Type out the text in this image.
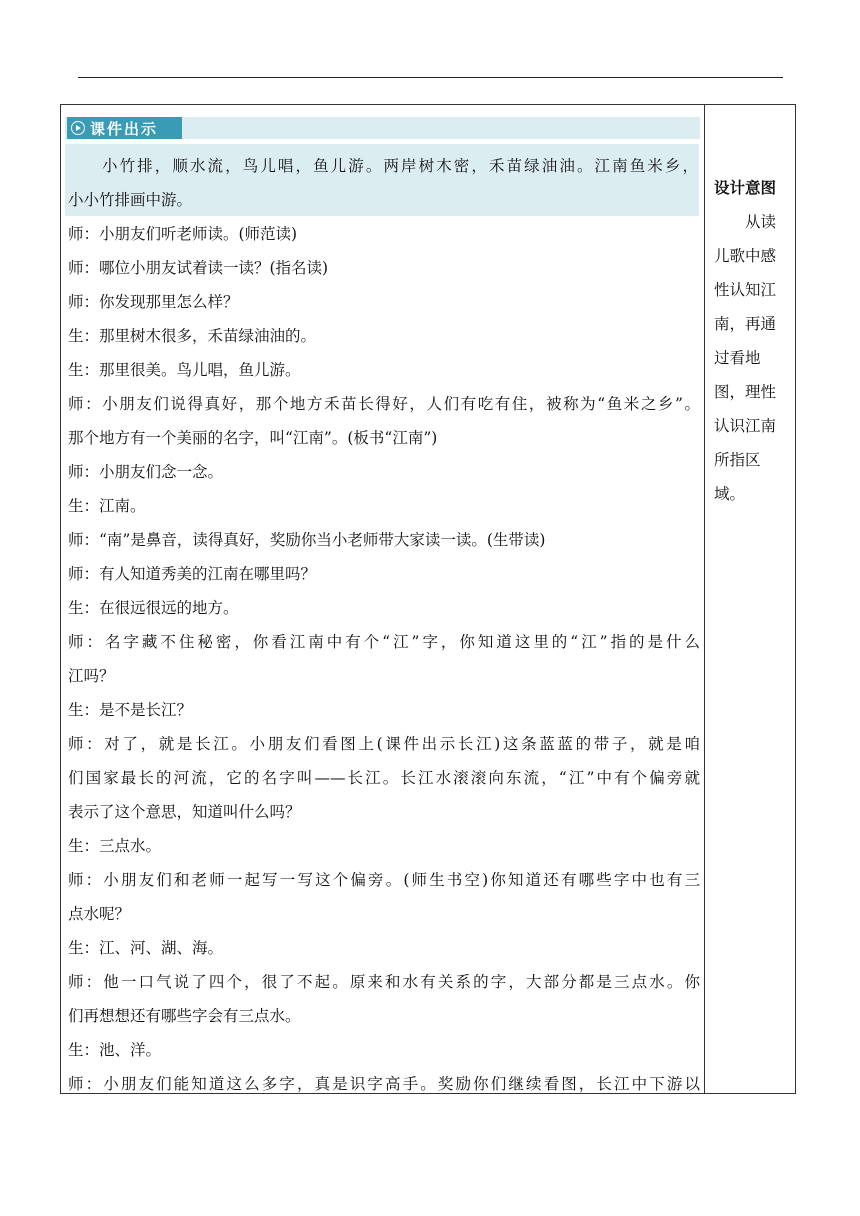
课件出示
小竹排，顺水流，鸟儿唱，鱼儿游。两岸树木密，禾苗绿油油。江南鱼米乡，
小小竹排画中游。
师：小朋友们听老师读。(师范读)
师：哪位小朋友试着读一读？(指名读)
师：你发现那里怎么样？
生：那里树木很多，禾苗绿油油的。
生：那里很美。鸟儿唱，鱼儿游。
师：小朋友们说得真好，那个地方禾苗长得好，人们有吃有住，被称为“鱼米之乡”。
那个地方有一个美丽的名字，叫“江南”。(板书“江南”)
师：小朋友们念一念。
生：江南。
师：“南”是鼻音，读得真好，奖励你当小老师带大家读一读。(生带读)
师：有人知道秀美的江南在哪里吗？
生：在很远很远的地方。
师：名字藏不住秘密，你看江南中有个“江”字，你知道这里的“江”指的是什么
江吗？
生：是不是长江？
师：对了，就是长江。小朋友们看图上(课件出示长江)这条蓝蓝的带子，就是咱
们国家最长的河流，它的名字叫——长江。长江水滚滚向东流，“江”中有个偏旁就
表示了这个意思，知道叫什么吗？
生：三点水。
师：小朋友们和老师一起写一写这个偏旁。(师生书空)你知道还有哪些字中也有三
点水呢？
生：江、河、湖、海。
师：他一口气说了四个，很了不起。原来和水有关系的字，大部分都是三点水。你
们再想想还有哪些字会有三点水。
生：池、洋。
师：小朋友们能知道这么多字，真是识字高手。奖励你们继续看图，长江中下游以
设计意图
从读
儿歌中感
性认知江
南，再通
过看地
图，理性
认识江南
所指区
域。
